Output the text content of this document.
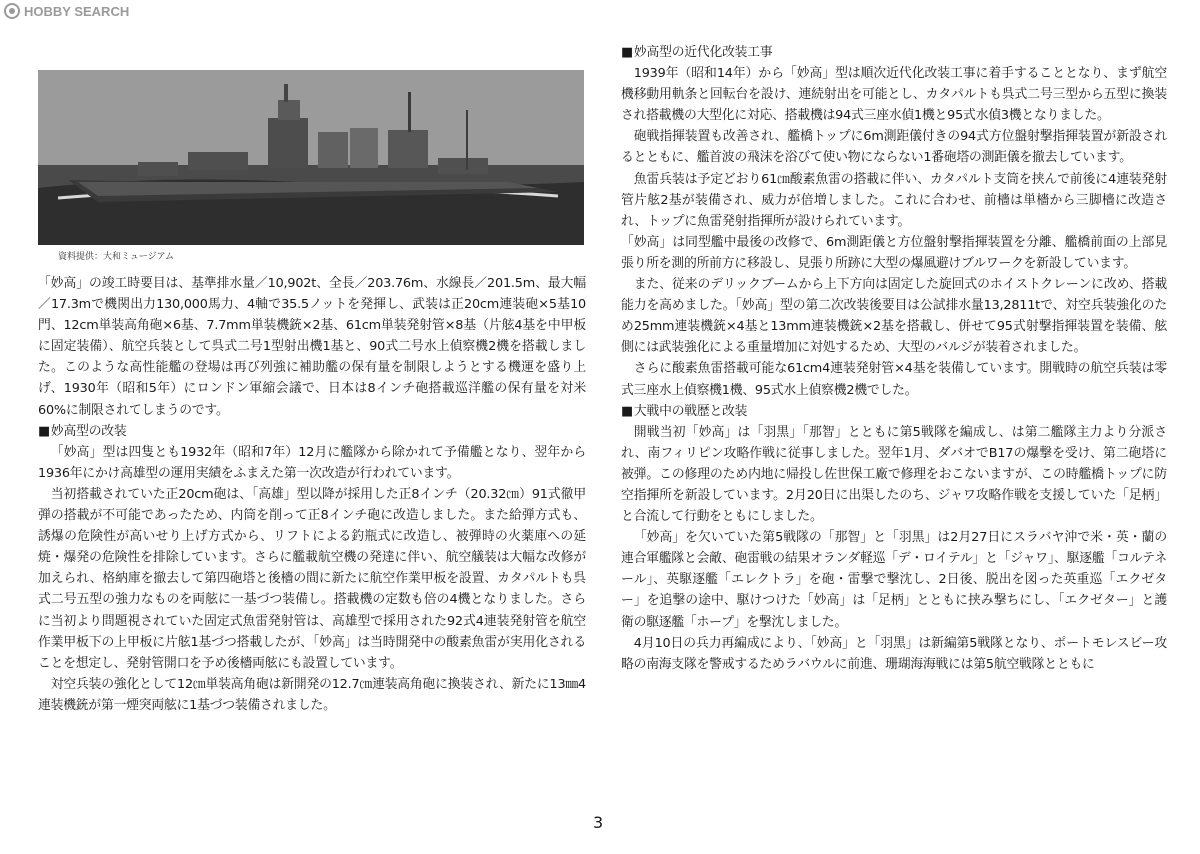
HOBBY SEARCH
資料提供：大和ミュージアム

「妙高」の竣工時要目は、基準排水量／10,902t、全長／203.76m、水線長／201.5m、最大幅／17.3mで機関出力130,000馬力、4軸で35.5ノットを発揮し、武装は正20cm連装砲×5基10門、12cm単装高角砲×6基、7.7mm単装機銃×2基、61cm単装発射管×8基（片舷4基を中甲板に固定装備）、航空兵装として呉式二号1型射出機1基と、90式二号水上偵察機2機を搭載しました。このような高性能艦の登場は再び列強に補助艦の保有量を制限しようとする機運を盛り上げ、1930年（昭和5年）にロンドン軍縮会議で、日本は8インチ砲搭載巡洋艦の保有量を対米60%に制限されてしまうのです。

■ 妙高型の改装

「妙高」型は四隻とも1932年（昭和7年）12月に艦隊から除かれて予備艦となり、翌年から1936年にかけ高雄型の運用実績をふまえた第一次改造が行われています。

当初搭載されていた正20cm砲は、「高雄」型以降が採用した正8インチ（20.32㎝）91式徹甲弾の搭載が不可能であったため、内筒を削って正8インチ砲に改造しました。また給弾方式も、誘爆の危険性が高いせり上げ方式から、リフトによる釣瓶式に改造し、被弾時の火薬庫への延焼・爆発の危険性を排除しています。さらに艦載航空機の発達に伴い、航空艤装は大幅な改修が加えられ、格納庫を撤去して第四砲塔と後檣の間に新たに航空作業甲板を設置、カタパルトも呉式二号五型の強力なものを両舷に一基づつ装備し。搭載機の定数も倍の4機となりました。さらに当初より問題視されていた固定式魚雷発射管は、高雄型で採用された92式4連装発射管を航空作業甲板下の上甲板に片舷1基づつ搭載したが、「妙高」は当時開発中の酸素魚雷が実用化されることを想定し、発射管開口を予め後檣両舷にも設置しています。

対空兵装の強化として12㎝単装高角砲は新開発の12.7㎝連装高角砲に換装され、新たに13㎜4連装機銃が第一煙突両舷に1基づつ装備されました。

■ 妙高型の近代化改装工事

1939年（昭和14年）から「妙高」型は順次近代化改装工事に着手することとなり、まず航空機移動用軌条と回転台を設け、連続射出を可能とし、カタパルトも呉式二号三型から五型に換装され搭載機の大型化に対応、搭載機は94式三座水偵1機と95式水偵3機となりました。

砲戦指揮装置も改善され、艦橋トップに6m測距儀付きの94式方位盤射撃指揮装置が新設されるとともに、艦首波の飛沫を浴びて使い物にならない1番砲塔の測距儀を撤去しています。

魚雷兵装は予定どおり61㎝酸素魚雷の搭載に伴い、カタパルト支筒を挟んで前後に4連装発射管片舷2基が装備され、威力が倍増しました。これに合わせ、前檣は単檣から三脚檣に改造され、トップに魚雷発射指揮所が設けられています。

「妙高」は同型艦中最後の改修で、6m測距儀と方位盤射撃指揮装置を分離、艦橋前面の上部見張り所を測的所前方に移設し、見張り所跡に大型の爆風避けブルワークを新設しています。

また、従来のデリックブームから上下方向は固定した旋回式のホイストクレーンに改め、搭載能力を高めました。「妙高」型の第二次改装後要目は公試排水量13,2811tで、対空兵装強化のため25mm連装機銃×4基と13mm連装機銃×2基を搭載し、併せて95式射撃指揮装置を装備、舷側には武装強化による重量増加に対処するため、大型のバルジが装着されました。

さらに酸素魚雷搭載可能な61cm4連装発射管×4基を装備しています。開戦時の航空兵装は零式三座水上偵察機1機、95式水上偵察機2機でした。

■ 大戦中の戦歴と改装

開戦当初「妙高」は「羽黒」「那智」とともに第5戦隊を編成し、は第二艦隊主力より分派され、南フィリピン攻略作戦に従事しました。翌年1月、ダバオでB17の爆撃を受け、第二砲塔に被弾。この修理のため内地に帰投し佐世保工廠で修理をおこないますが、この時艦橋トップに防空指揮所を新設しています。2月20日に出渠したのち、ジャワ攻略作戦を支援していた「足柄」と合流して行動をともにしました。

「妙高」を欠いていた第5戦隊の「那智」と「羽黒」は2月27日にスラバヤ沖で米・英・蘭の連合軍艦隊と会敵、砲雷戦の結果オランダ軽巡「デ・ロイテル」と「ジャワ」、駆逐艦「コルテネール」、英駆逐艦「エレクトラ」を砲・雷撃で撃沈し、2日後、脱出を図った英重巡「エクゼター」を追撃の途中、駆けつけた「妙高」は「足柄」とともに挟み撃ちにし、「エクゼター」と護衛の駆逐艦「ホープ」を撃沈しました。

4月10日の兵力再編成により、「妙高」と「羽黒」は新編第5戦隊となり、ポートモレスビー攻略の南海支隊を警戒するためラバウルに前進、珊瑚海海戦には第5航空戦隊とともに

3
